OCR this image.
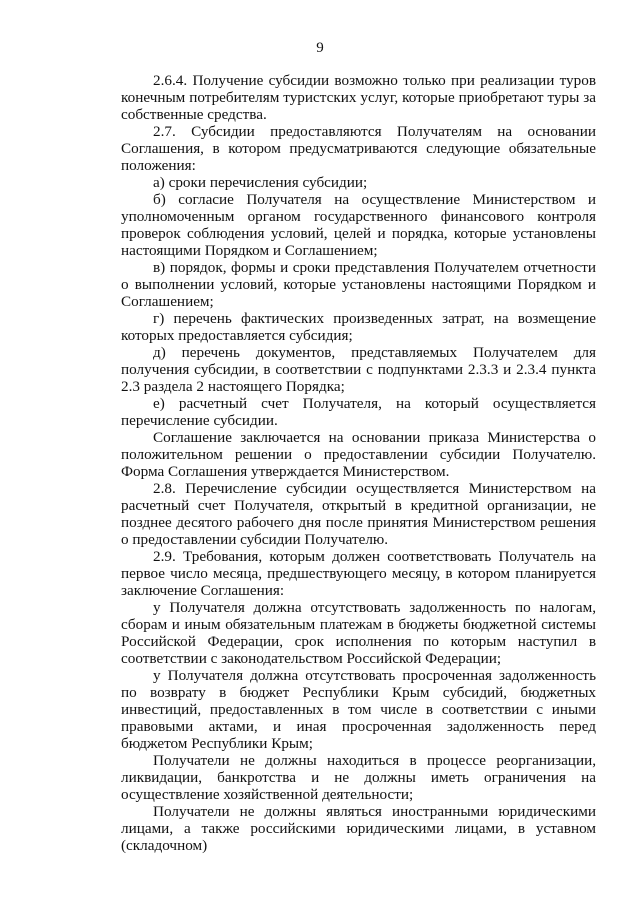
9

2.6.4. Получение субсидии возможно только при реализации туров конечным потребителям туристских услуг, которые приобретают туры за собственные средства.

2.7. Субсидии предоставляются Получателям на основании Соглашения, в котором предусматриваются следующие обязательные положения:

а) сроки перечисления субсидии;

б) согласие Получателя на осуществление Министерством и уполномоченным органом государственного финансового контроля проверок соблюдения условий, целей и порядка, которые установлены настоящими Порядком и Соглашением;

в) порядок, формы и сроки представления Получателем отчетности о выполнении условий, которые установлены настоящими Порядком и Соглашением;

г) перечень фактических произведенных затрат, на возмещение которых предоставляется субсидия;

д) перечень документов, представляемых Получателем для получения субсидии, в соответствии с подпунктами 2.3.3 и 2.3.4 пункта 2.3 раздела 2 настоящего Порядка;

е) расчетный счет Получателя, на который осуществляется перечисление субсидии.

Соглашение заключается на основании приказа Министерства о положительном решении о предоставлении субсидии Получателю. Форма Соглашения утверждается Министерством.

2.8. Перечисление субсидии осуществляется Министерством на расчетный счет Получателя, открытый в кредитной организации, не позднее десятого рабочего дня после принятия Министерством решения о предоставлении субсидии Получателю.

2.9. Требования, которым должен соответствовать Получатель на первое число месяца, предшествующего месяцу, в котором планируется заключение Соглашения:

у Получателя должна отсутствовать задолженность по налогам, сборам и иным обязательным платежам в бюджеты бюджетной системы Российской Федерации, срок исполнения по которым наступил в соответствии с законодательством Российской Федерации;

у Получателя должна отсутствовать просроченная задолженность по возврату в бюджет Республики Крым субсидий, бюджетных инвестиций, предоставленных в том числе в соответствии с иными правовыми актами, и иная просроченная задолженность перед бюджетом Республики Крым;

Получатели не должны находиться в процессе реорганизации, ликвидации, банкротства и не должны иметь ограничения на осуществление хозяйственной деятельности;

Получатели не должны являться иностранными юридическими лицами, а также российскими юридическими лицами, в уставном (складочном)
